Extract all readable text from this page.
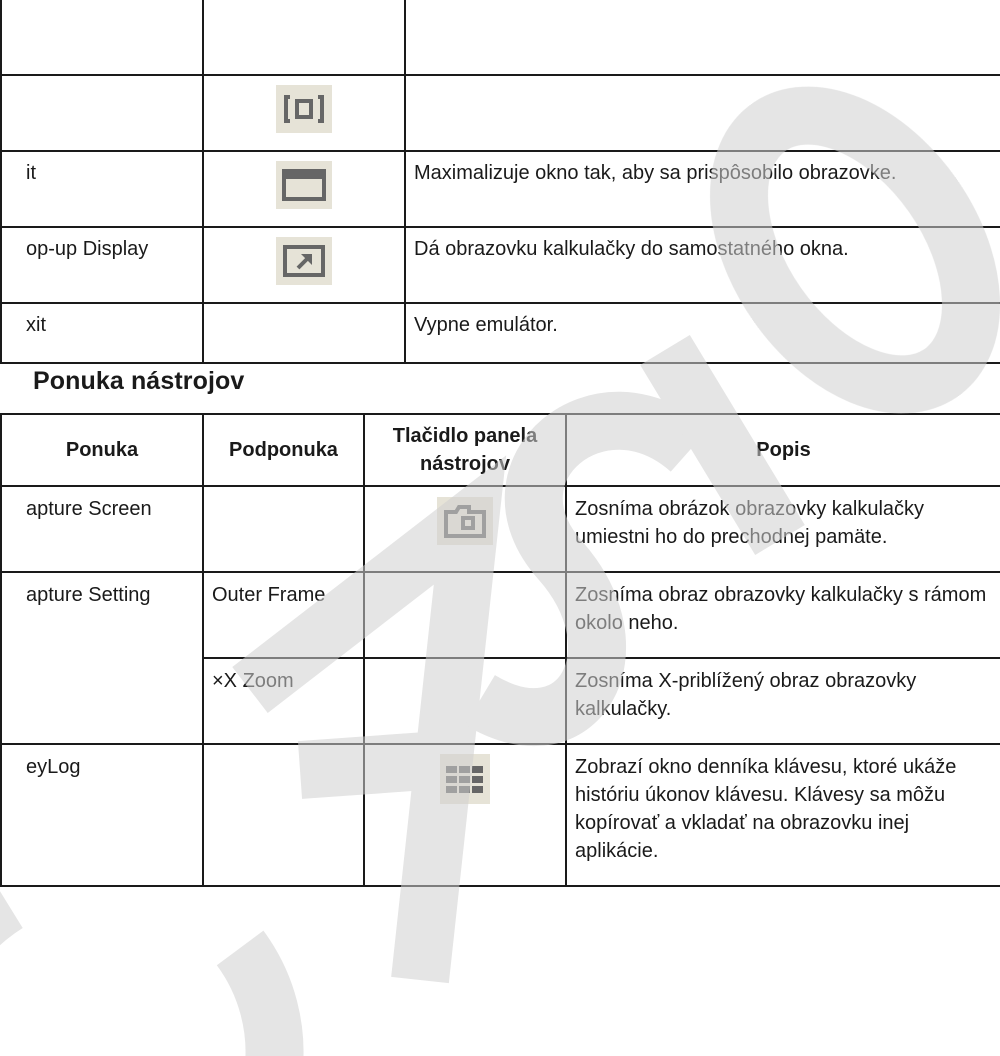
it		Maximalizuje okno tak, aby sa prispôsobilo obrazovke.
op-up Display		Dá obrazovku kalkulačky do samostatného okna.
xit		Vypne emulátor.
Ponuka nástrojov
Ponuka	Podponuka	Tlačidlo panela nástrojov	Popis
apture Screen			Zosníma obrázok obrazovky kalkulačky umiestni ho do prechodnej pamäte.
apture Setting	Outer Frame		Zosníma obraz obrazovky kalkulačky s rámom okolo neho.
	×X Zoom		Zosníma X-priblížený obraz obrazovky kalkulačky.
eyLog			Zobrazí okno denníka klávesu, ktoré ukáže históriu úkonov klávesu. Klávesy sa môžu kopírovať a vkladať na obrazovku inej aplikácie.
